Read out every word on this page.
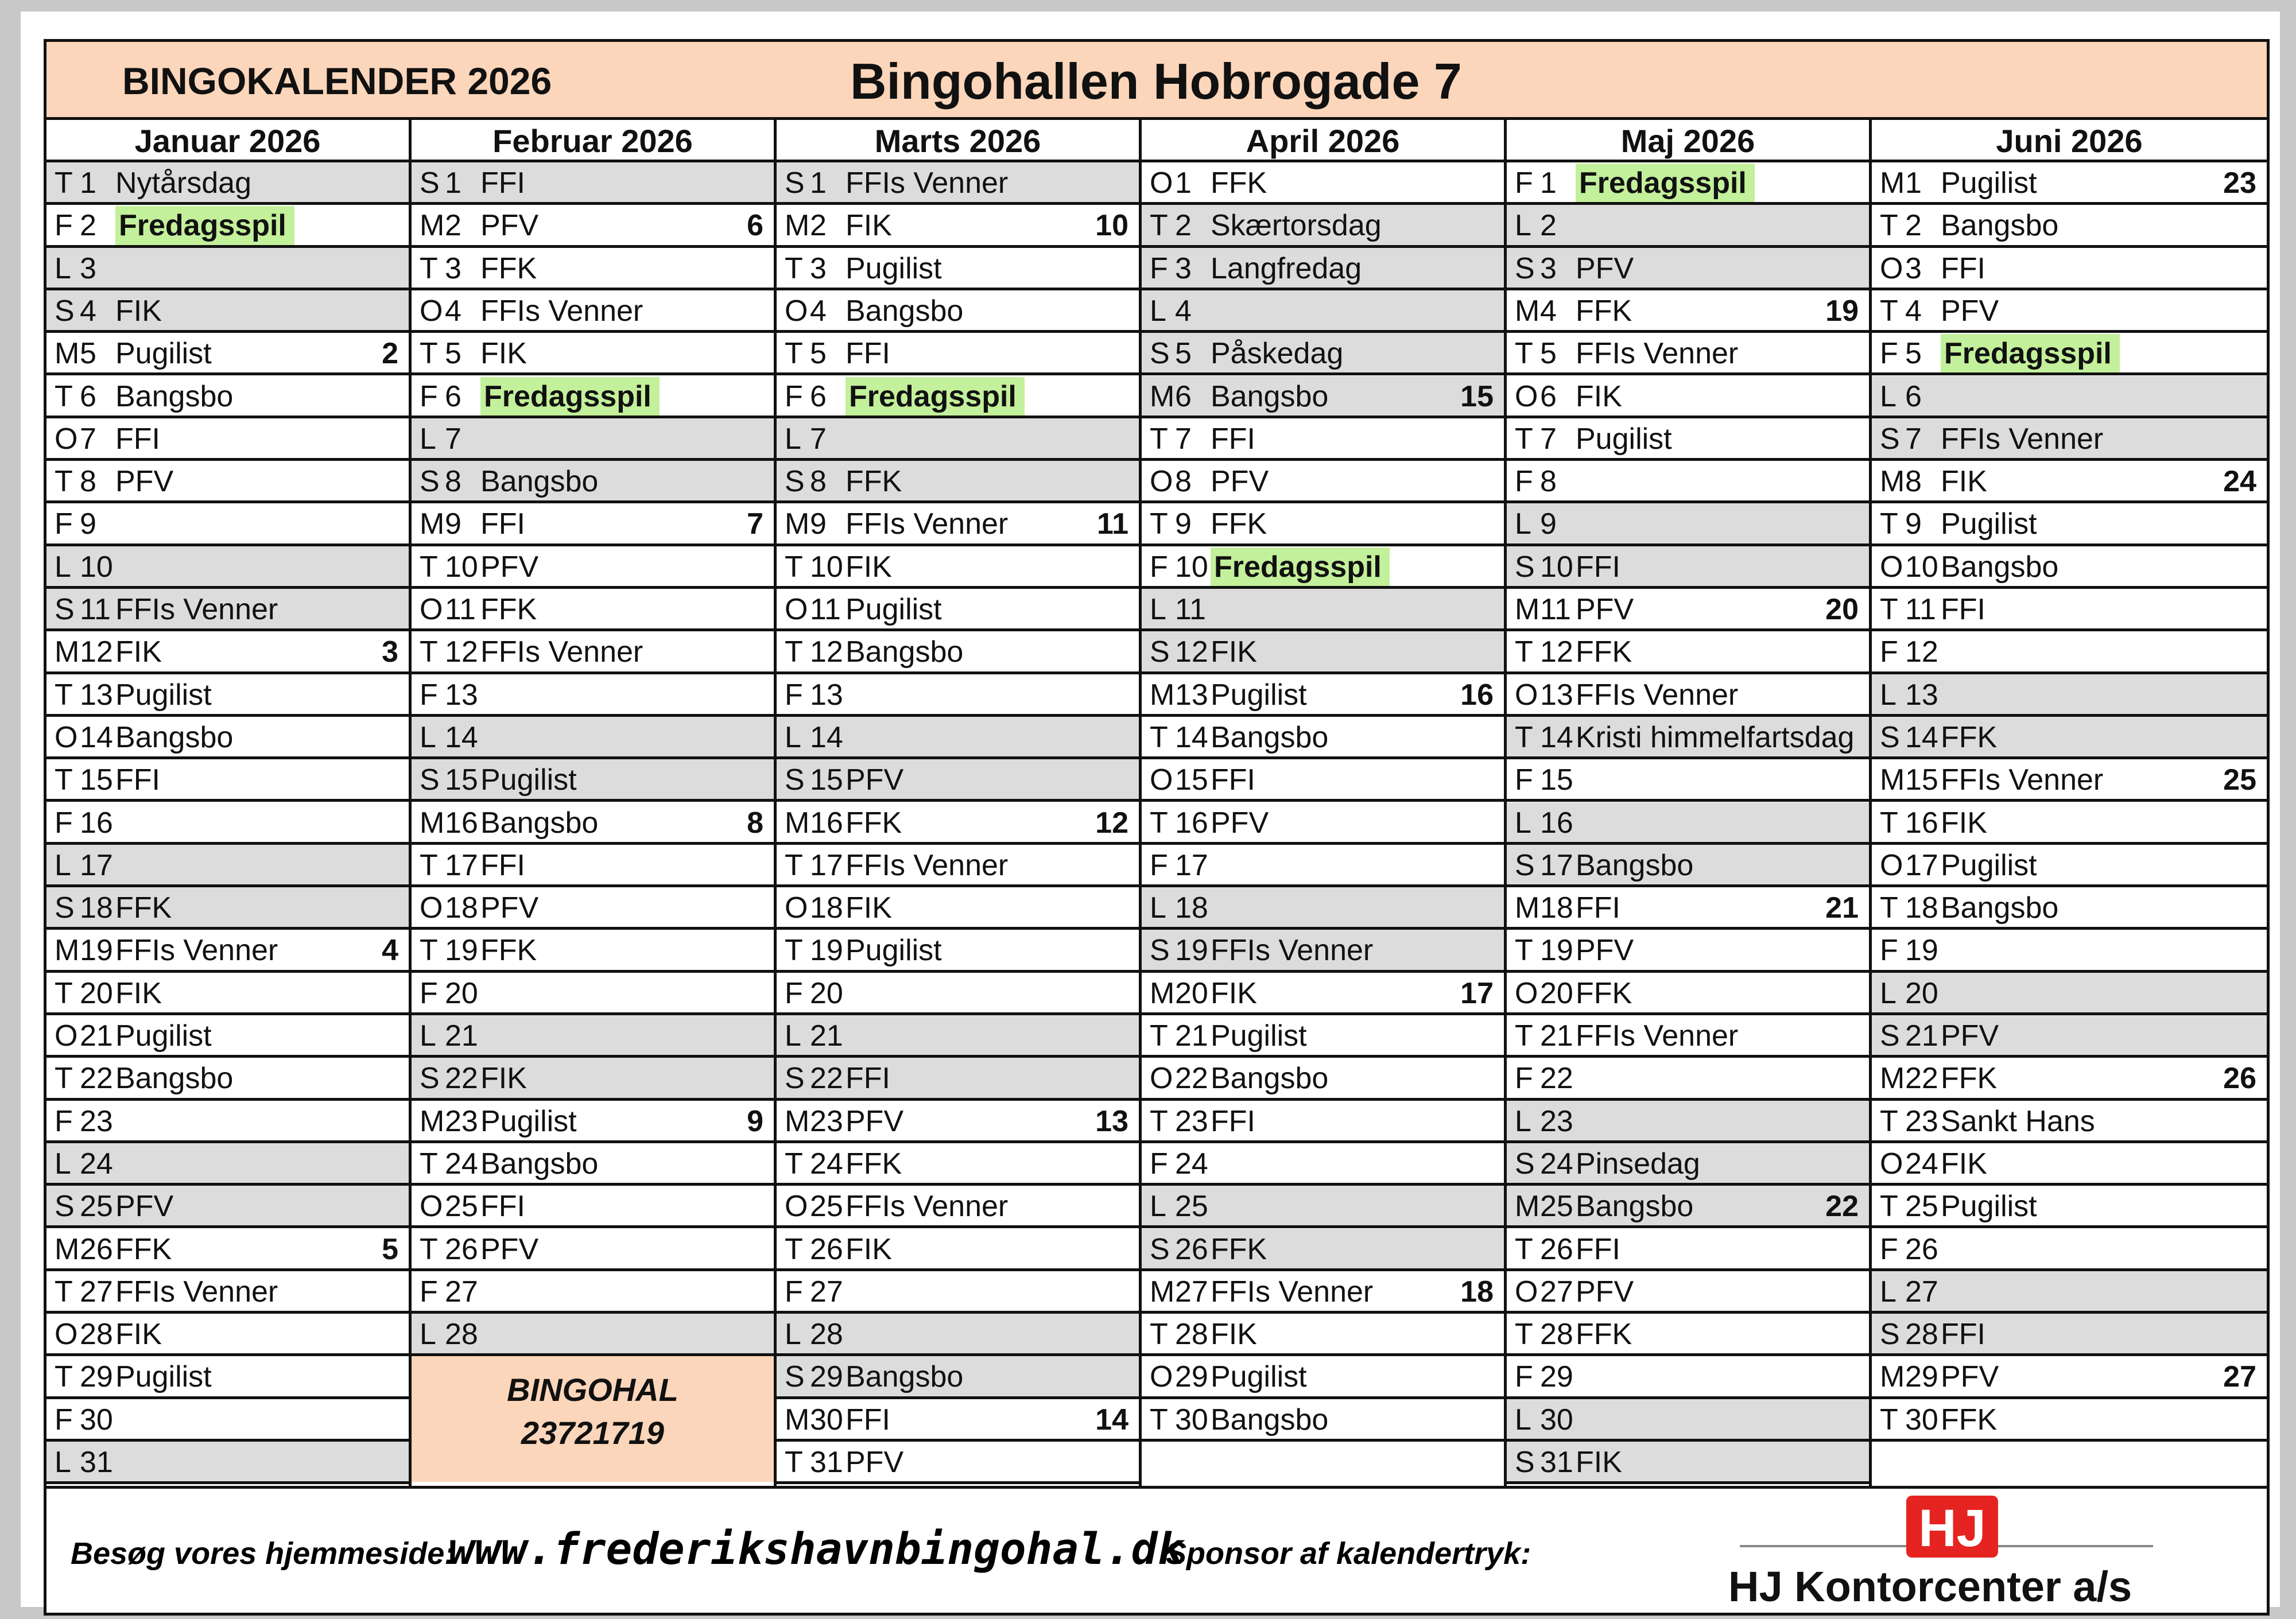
BINGOKALENDER 2026	Bingohallen Hobrogade 7
Januar 2026
T 1 Nytårsdag
F 2 Fredagsspil
L 3
S 4 FIK
M5 Pugilist	2
T 6 Bangsbo
O7 FFI
T 8 PFV
F 9
L 10
S 11 FFIs Venner
M12FIK	3
T 13Pugilist
O14Bangsbo
T 15FFI
F 16
L 17
S 18FFK
M19FFIs Venner	4
T 20FIK
O21Pugilist
T 22Bangsbo
F 23
L 24
S 25PFV
M26FFK	5
T 27FFIs Venner
O28FIK
T 29Pugilist
F 30
L 31
Februar 2026
S 1 FFI
M2 PFV	6
T 3 FFK
O4 FFIs Venner
T 5 FIK
F 6 Fredagsspil
L 7
S 8 Bangsbo
M9 FFI	7
T 10PFV
O11 FFK
T 12FFIs Venner
F 13
L 14
S 15Pugilist
M16Bangsbo	8
T 17FFI
O18PFV
T 19FFK
F 20
L 21
S 22FIK
M23Pugilist	9
T 24Bangsbo
O25FFI
T 26PFV
F 27
L 28
BINGOHAL
23721719
Marts 2026
S 1 FFIs Venner
M2 FIK	10
T 3 Pugilist
O4 Bangsbo
T 5 FFI
F 6 Fredagsspil
L 7
S 8 FFK
M9 FFIs Venner	11
T 10FIK
O11 Pugilist
T 12Bangsbo
F 13
L 14
S 15PFV
M16FFK	12
T 17FFIs Venner
O18FIK
T 19Pugilist
F 20
L 21
S 22FFI
M23PFV	13
T 24FFK
O25FFIs Venner
T 26FIK
F 27
L 28
S 29Bangsbo
M30FFI	14
T 31PFV
April 2026
O1 FFK
T 2 Skærtorsdag
F 3 Langfredag
L 4
S 5 Påskedag
M6 Bangsbo	15
T 7 FFI
O8 PFV
T 9 FFK
F 10 Fredagsspil
L 11
S 12FIK
M13Pugilist	16
T 14Bangsbo
O15FFI
T 16PFV
F 17
L 18
S 19FFIs Venner
M20FIK	17
T 21Pugilist
O22Bangsbo
T 23FFI
F 24
L 25
S 26FFK
M27FFIs Venner	18
T 28FIK
O29Pugilist
T 30Bangsbo
Maj 2026
F 1 Fredagsspil
L 2
S 3 PFV
M4 FFK	19
T 5 FFIs Venner
O6 FIK
T 7 Pugilist
F 8
L 9
S 10FFI
M11 PFV	20
T 12FFK
O13FFIs Venner
T 14Kristi himmelfartsdag
F 15
L 16
S 17Bangsbo
M18FFI	21
T 19PFV
O20FFK
T 21FFIs Venner
F 22
L 23
S 24Pinsedag
M25Bangsbo	22
T 26FFI
O27PFV
T 28FFK
F 29
L 30
S 31FIK
Juni 2026
M1 Pugilist	23
T 2 Bangsbo
O3 FFI
T 4 PFV
F 5 Fredagsspil
L 6
S 7 FFIs Venner
M8 FIK	24
T 9 Pugilist
O10Bangsbo
T 11 FFI
F 12
L 13
S 14FFK
M15FFIs Venner	25
T 16FIK
O17Pugilist
T 18Bangsbo
F 19
L 20
S 21PFV
M22FFK	26
T 23Sankt Hans
O24FIK
T 25Pugilist
F 26
L 27
S 28FFI
M29PFV	27
T 30FFK
Besøg vores hjemmeside:
www.frederikshavnbingohal.dk
Sponsor af kalendertryk:	HJ
HJ Kontorcenter a/s
